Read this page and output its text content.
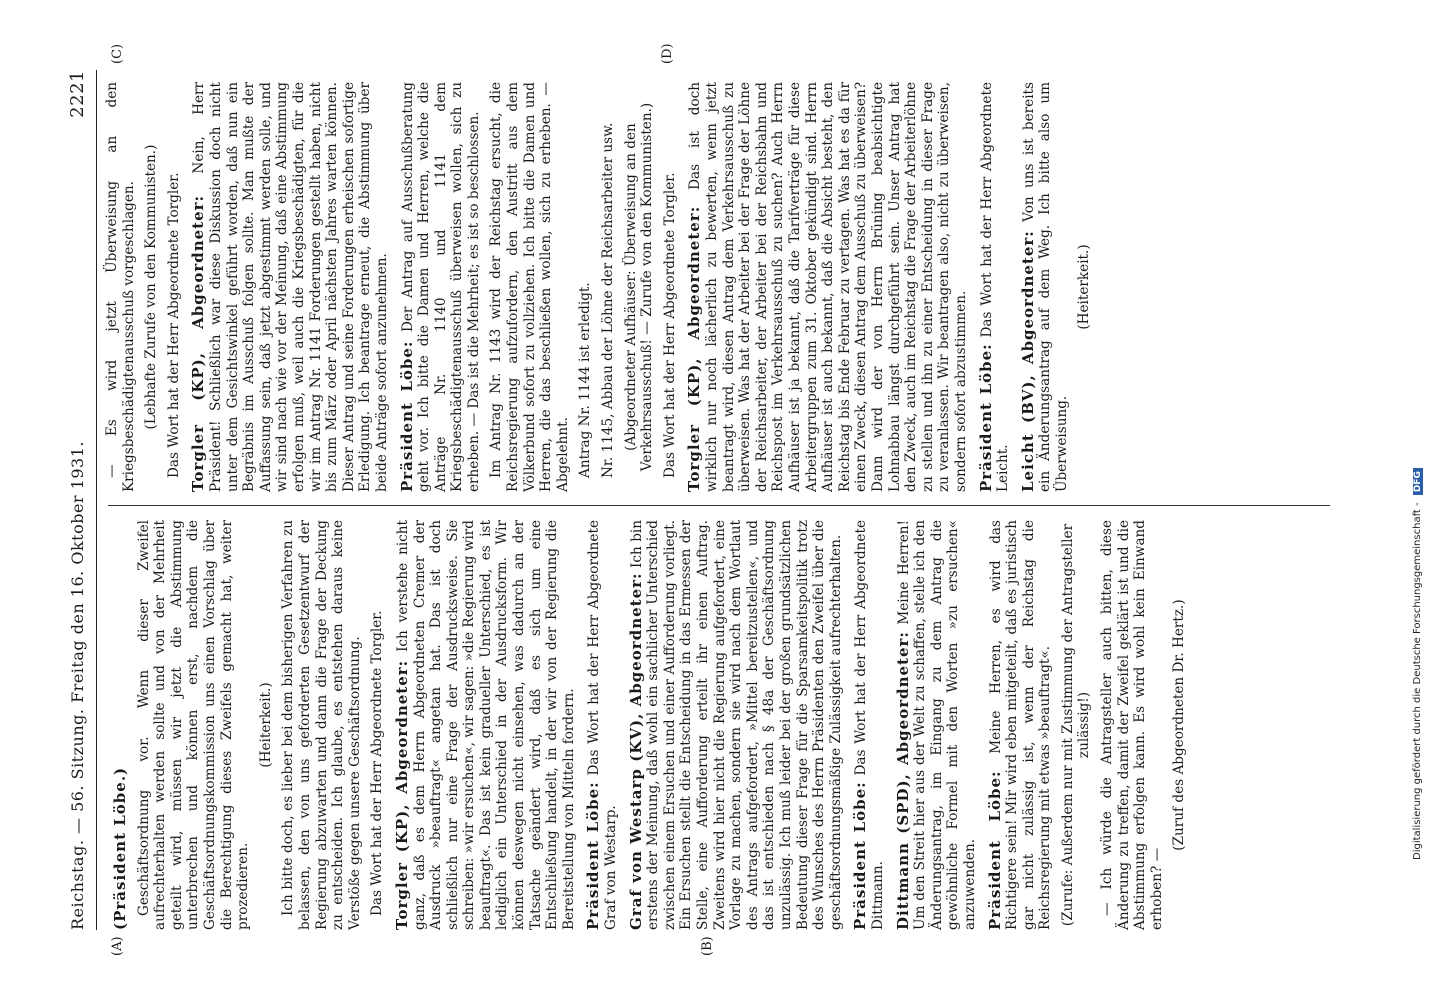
Reichstag. — 56. Sitzung. Freitag den 16. Oktober 1931.
2221

(Präsident Löbe.) Geschäftsordnung vor. Wenn dieser Zweifel aufrechterhalten werden sollte und von der Mehrheit geteilt wird, müssen wir jetzt die Abstimmung unterbrechen und können erst, nachdem die Geschäftsordnungskommission uns einen Vorschlag über die Berechtigung dieses Zweifels gemacht hat, weiter prozedieren.

(Heiterkeit.) Ich bitte doch, es lieber bei dem bisherigen Verfahren zu belassen, den von uns geforderten Gesetzentwurf der Regierung abzuwarten und dann die Frage der Deckung zu entscheiden. Ich glaube, es entstehen daraus keine Verstöße gegen unsere Geschäftsordnung. Das Wort hat der Herr Abgeordnete Torgler. Torgler (KP), Abgeordneter: Ich verstehe nicht ganz, daß es dem Herrn Abgeordneten Cremer der Ausdruck »beauftragt« angetan hat. Das ist doch schließlich nur eine Frage der Ausdrucksweise. Sie schreiben: »wir ersuchen«, wir sagen: »die Regierung wird beauftragt«. Das ist kein gradueller Unterschied, es ist lediglich ein Unterschied in der Ausdrucksform. Wir können deswegen nicht einsehen, was dadurch an der Tatsache geändert wird, daß es sich um eine Entschließung handelt, in der wir von der Regierung die Bereitstellung von Mitteln fordern. Präsident Löbe: Das Wort hat der Herr Abgeordnete Graf von Westarp. Graf von Westarp (KV), Abgeordneter: Ich bin erstens der Meinung, daß wohl ein sachlicher Unterschied zwischen einem Ersuchen und einer Aufforderung vorliegt. Ein Ersuchen stellt die Entscheidung in das Ermessen der Stelle, eine Aufforderung erteilt ihr einen Auftrag. Zweitens wird hier nicht die Regierung aufgefordert, eine Vorlage zu machen, sondern sie wird nach dem Wortlaut des Antrags aufgefordert, »Mittel bereitzustellen«, und das ist entschieden nach § 48a der Geschäftsordnung unzulässig. Ich muß leider bei der großen grundsätzlichen Bedeutung dieser Frage für die Sparsamkeitspolitik trotz des Wunsches des Herrn Präsidenten den Zweifel über die geschäftsordnungsmäßige Zulässigkeit aufrechterhalten. Präsident Löbe: Das Wort hat der Herr Abgeordnete Dittmann. Dittmann (SPD), Abgeordneter: Meine Herren! Um den Streit hier aus der Welt zu schaffen, stelle ich den Änderungsantrag, im Eingang zu dem Antrag die gewöhnliche Formel mit den Worten »zu ersuchen« anzuwenden. Präsident Löbe: Meine Herren, es wird das Richtigere sein! Mir wird eben mitgeteilt, daß es juristisch gar nicht zulässig ist, wenn der Reichstag die Reichsregierung mit etwas »beauftragt«. (Zurufe: Außerdem nur mit Zustimmung der Antragsteller zulässig!) — Ich würde die Antragsteller auch bitten, diese Änderung zu treffen, damit der Zweifel geklärt ist und die Abstimmung erfolgen kann. Es wird wohl kein Einwand erhoben? —

(Zuruf des Abgeordneten Dr. Hertz.)

— Es wird jetzt Überweisung an den Kriegsbeschädigtenausschuß vorgeschlagen. (Lebhafte Zurufe von den Kommunisten.) Das Wort hat der Herr Abgeordnete Torgler. Torgler (KP), Abgeordneter: Nein, Herr Präsident! Schließlich war diese Diskussion doch nicht unter dem Gesichtswinkel geführt worden, daß nun ein Begräbnis im Ausschuß folgen sollte. Man mußte der Auffassung sein, daß jetzt abgestimmt werden solle, und wir sind nach wie vor der Meinung, daß eine Abstimmung erfolgen muß, weil auch die Kriegsbeschädigten, für die wir im Antrag Nr. 1141 Forderungen gestellt haben, nicht bis zum März oder April nächsten Jahres warten können. Dieser Antrag und seine Forderungen erheischen sofortige Erledigung. Ich beantrage erneut, die Abstimmung über beide Anträge sofort anzunehmen. Präsident Löbe: Der Antrag auf Ausschußberatung geht vor. Ich bitte die Damen und Herren, welche die Anträge Nr. 1140 und 1141 dem Kriegsbeschädigtenausschuß überweisen wollen, sich zu erheben. — Das ist die Mehrheit; es ist so beschlossen. Im Antrag Nr. 1143 wird der Reichstag ersucht, die Reichsregierung aufzufordern, den Austritt aus dem Völkerbund sofort zu vollziehen. Ich bitte die Damen und Herren, die das beschließen wollen, sich zu erheben. — Abgelehnt. Antrag Nr. 1144 ist erledigt. Nr. 1145, Abbau der Löhne der Reichsarbeiter usw. (Abgeordneter Aufhäuser: Überweisung an den Verkehrsausschuß! — Zurufe von den Kommunisten.) Das Wort hat der Herr Abgeordnete Torgler. Torgler (KP), Abgeordneter: Das ist doch wirklich nur noch lächerlich zu bewerten, wenn jetzt beantragt wird, diesen Antrag dem Verkehrsausschuß zu überweisen. Was hat der Arbeiter bei der Frage der Löhne der Reichsarbeiter, der Arbeiter bei der Reichsbahn und Reichspost im Verkehrsausschuß zu suchen? Auch Herrn Aufhäuser ist ja bekannt, daß die Tarifverträge für diese Arbeitergruppen zum 31. Oktober gekündigt sind. Herrn Aufhäuser ist auch bekannt, daß die Absicht besteht, den Reichstag bis Ende Februar zu vertagen. Was hat es da für einen Zweck, diesen Antrag dem Ausschuß zu überweisen? Dann wird der von Herrn Brüning beabsichtigte Lohnabbau längst durchgeführt sein. Unser Antrag hat den Zweck, auch im Reichstag die Frage der Arbeiterlöhne zu stellen und ihn zu einer Entscheidung in dieser Frage zu veranlassen. Wir beantragen also, nicht zu überweisen, sondern sofort abzustimmen. Präsident Löbe: Das Wort hat der Herr Abgeordnete Leicht. Leicht (BV), Abgeordneter: Von uns ist bereits ein Änderungsantrag auf dem Weg. Ich bitte also um Überweisung.

(Heiterkeit.)

(A)	(B)
(C)	(D)
Digitalisierung gefördert durch die Deutsche Forschungsgemeinschaft - DFG
